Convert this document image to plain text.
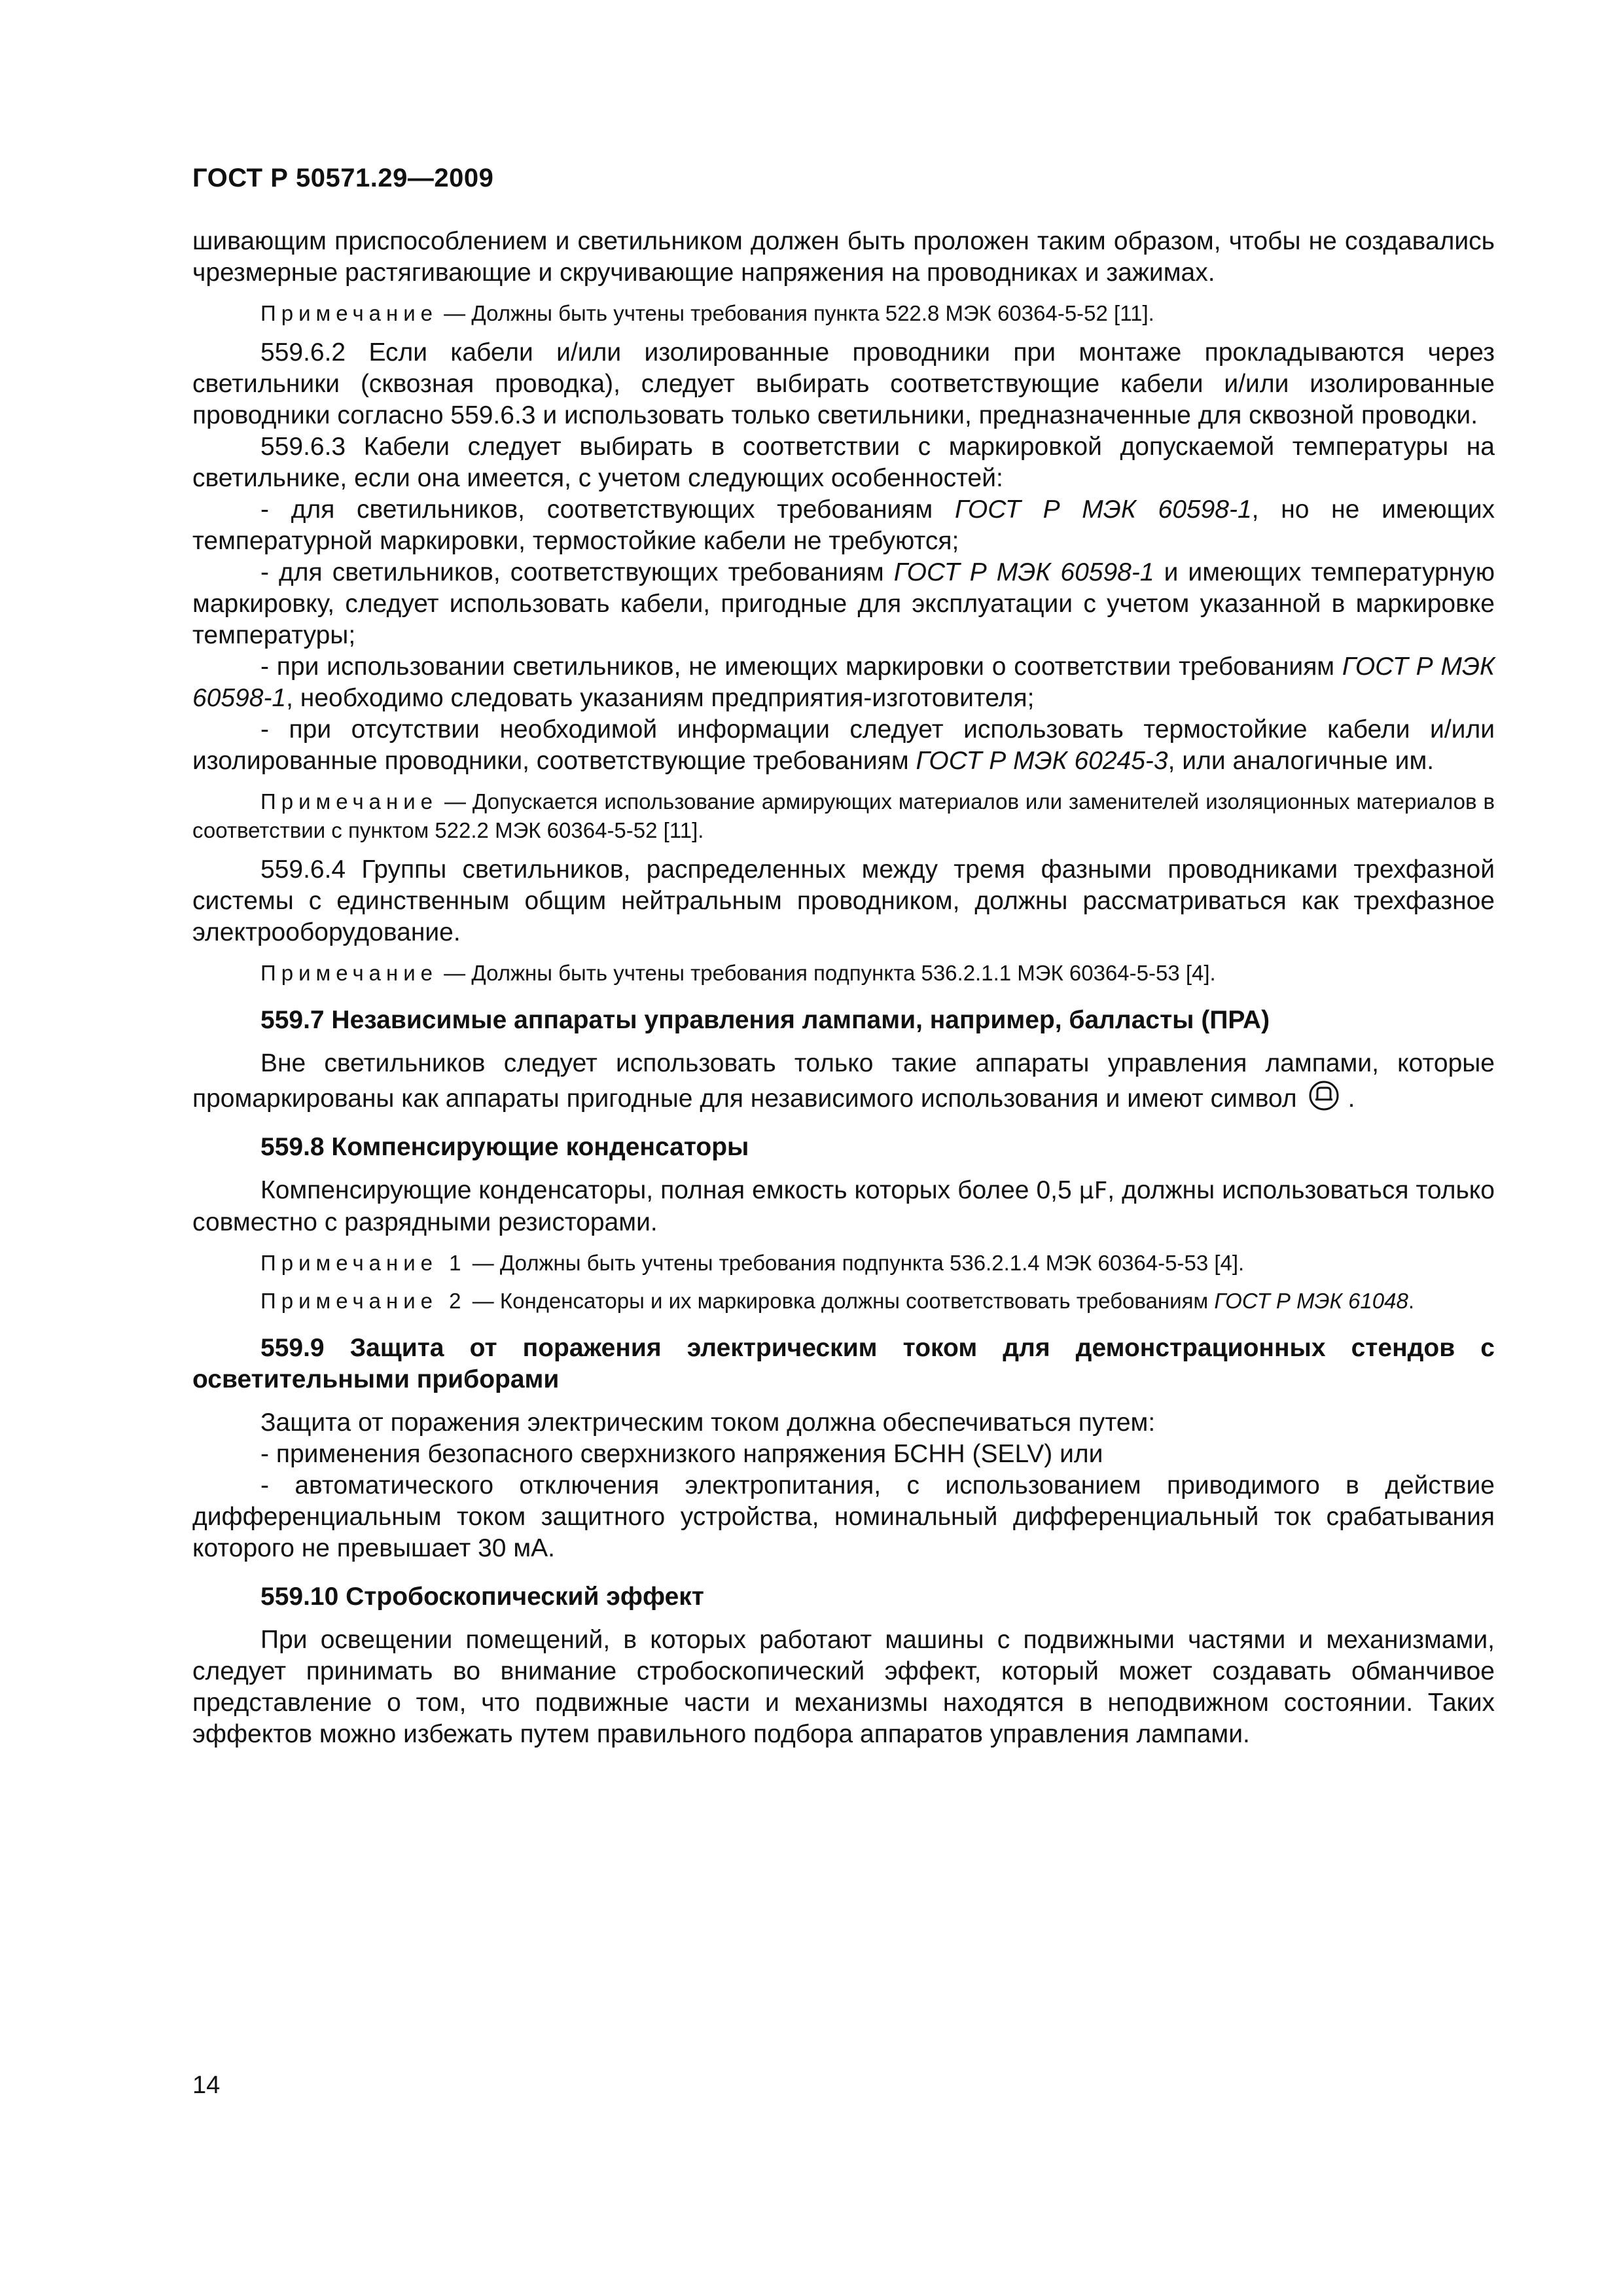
ГОСТ Р 50571.29—2009

шивающим приспособлением и светильником должен быть проложен таким образом, чтобы не создавались чрезмерные растягивающие и скручивающие напряжения на проводниках и зажимах.

Примечание — Должны быть учтены требования пункта 522.8 МЭК 60364-5-52 [11].

559.6.2 Если кабели и/или изолированные проводники при монтаже прокладываются через светильники (сквозная проводка), следует выбирать соответствующие кабели и/или изолированные проводники согласно 559.6.3 и использовать только светильники, предназначенные для сквозной проводки.

559.6.3 Кабели следует выбирать в соответствии с маркировкой допускаемой температуры на светильнике, если она имеется, с учетом следующих особенностей:

- для светильников, соответствующих требованиям ГОСТ Р МЭК 60598-1, но не имеющих температурной маркировки, термостойкие кабели не требуются;

- для светильников, соответствующих требованиям ГОСТ Р МЭК 60598-1 и имеющих температурную маркировку, следует использовать кабели, пригодные для эксплуатации с учетом указанной в маркировке температуры;

- при использовании светильников, не имеющих маркировки о соответствии требованиям ГОСТ Р МЭК 60598-1, необходимо следовать указаниям предприятия-изготовителя;

- при отсутствии необходимой информации следует использовать термостойкие кабели и/или изолированные проводники, соответствующие требованиям ГОСТ Р МЭК 60245-3, или аналогичные им.

Примечание — Допускается использование армирующих материалов или заменителей изоляционных материалов в соответствии с пунктом 522.2 МЭК 60364-5-52 [11].

559.6.4 Группы светильников, распределенных между тремя фазными проводниками трехфазной системы с единственным общим нейтральным проводником, должны рассматриваться как трехфазное электрооборудование.

Примечание — Должны быть учтены требования подпункта 536.2.1.1 МЭК 60364-5-53 [4].

559.7 Независимые аппараты управления лампами, например, балласты (ПРА)

Вне светильников следует использовать только такие аппараты управления лампами, которые промаркированы как аппараты пригодные для независимого использования и имеют символ .

559.8 Компенсирующие конденсаторы

Компенсирующие конденсаторы, полная емкость которых более 0,5 µF, должны использоваться только совместно с разрядными резисторами.

Примечание 1 — Должны быть учтены требования подпункта 536.2.1.4 МЭК 60364-5-53 [4].

Примечание 2 — Конденсаторы и их маркировка должны соответствовать требованиям ГОСТ Р МЭК 61048.

559.9 Защита от поражения электрическим током для демонстрационных стендов с осветительными приборами

Защита от поражения электрическим током должна обеспечиваться путем:

- применения безопасного сверхнизкого напряжения БСНН (SELV) или

- автоматического отключения электропитания, с использованием приводимого в действие дифференциальным током защитного устройства, номинальный дифференциальный ток срабатывания которого не превышает 30 мА.

559.10 Стробоскопический эффект

При освещении помещений, в которых работают машины с подвижными частями и механизмами, следует принимать во внимание стробоскопический эффект, который может создавать обманчивое представление о том, что подвижные части и механизмы находятся в неподвижном состоянии. Таких эффектов можно избежать путем правильного подбора аппаратов управления лампами.

14
